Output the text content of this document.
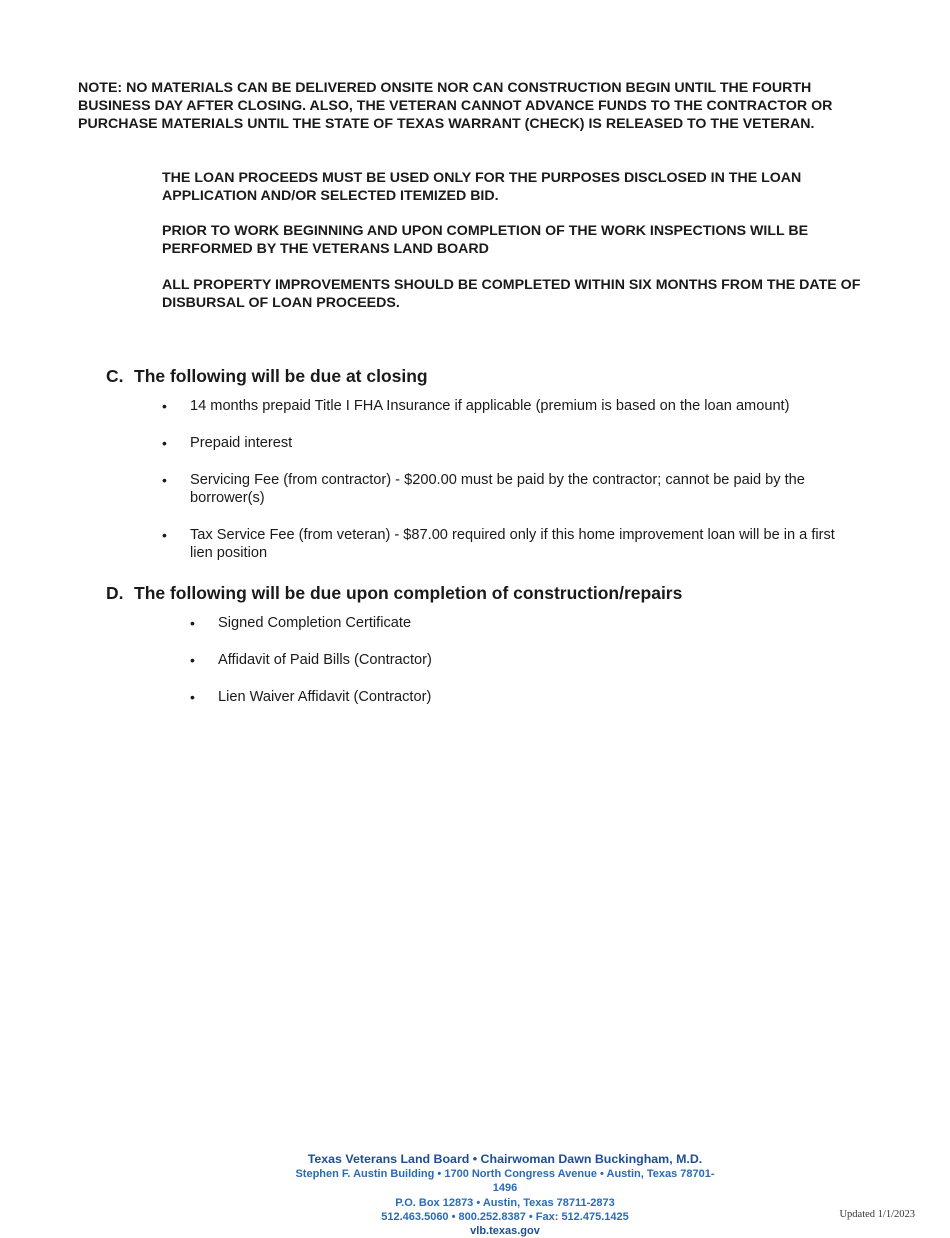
NOTE: NO MATERIALS CAN BE DELIVERED ONSITE NOR CAN CONSTRUCTION BEGIN UNTIL THE FOURTH BUSINESS DAY AFTER CLOSING. ALSO, THE VETERAN CANNOT ADVANCE FUNDS TO THE CONTRACTOR OR PURCHASE MATERIALS UNTIL THE STATE OF TEXAS WARRANT (CHECK) IS RELEASED TO THE VETERAN.

THE LOAN PROCEEDS MUST BE USED ONLY FOR THE PURPOSES DISCLOSED IN THE LOAN APPLICATION AND/OR SELECTED ITEMIZED BID.

PRIOR TO WORK BEGINNING AND UPON COMPLETION OF THE WORK INSPECTIONS WILL BE PERFORMED BY THE VETERANS LAND BOARD

ALL PROPERTY IMPROVEMENTS SHOULD BE COMPLETED WITHIN SIX MONTHS FROM THE DATE OF DISBURSAL OF LOAN PROCEEDS.

C. The following will be due at closing
• 14 months prepaid Title I FHA Insurance if applicable (premium is based on the loan amount)
• Prepaid interest
• Servicing Fee (from contractor) - $200.00 must be paid by the contractor; cannot be paid by the borrower(s)
• Tax Service Fee (from veteran) - $87.00 required only if this home improvement loan will be in a first lien position
D. The following will be due upon completion of construction/repairs
• Signed Completion Certificate
• Affidavit of Paid Bills (Contractor)
• Lien Waiver Affidavit (Contractor)
Texas Veterans Land Board • Chairwoman Dawn Buckingham, M.D.
Stephen F. Austin Building • 1700 North Congress Avenue • Austin, Texas 78701-1496
P.O. Box 12873 • Austin, Texas 78711-2873
512.463.5060 • 800.252.8387 • Fax: 512.475.1425
vlb.texas.gov
Updated 1/1/2023
